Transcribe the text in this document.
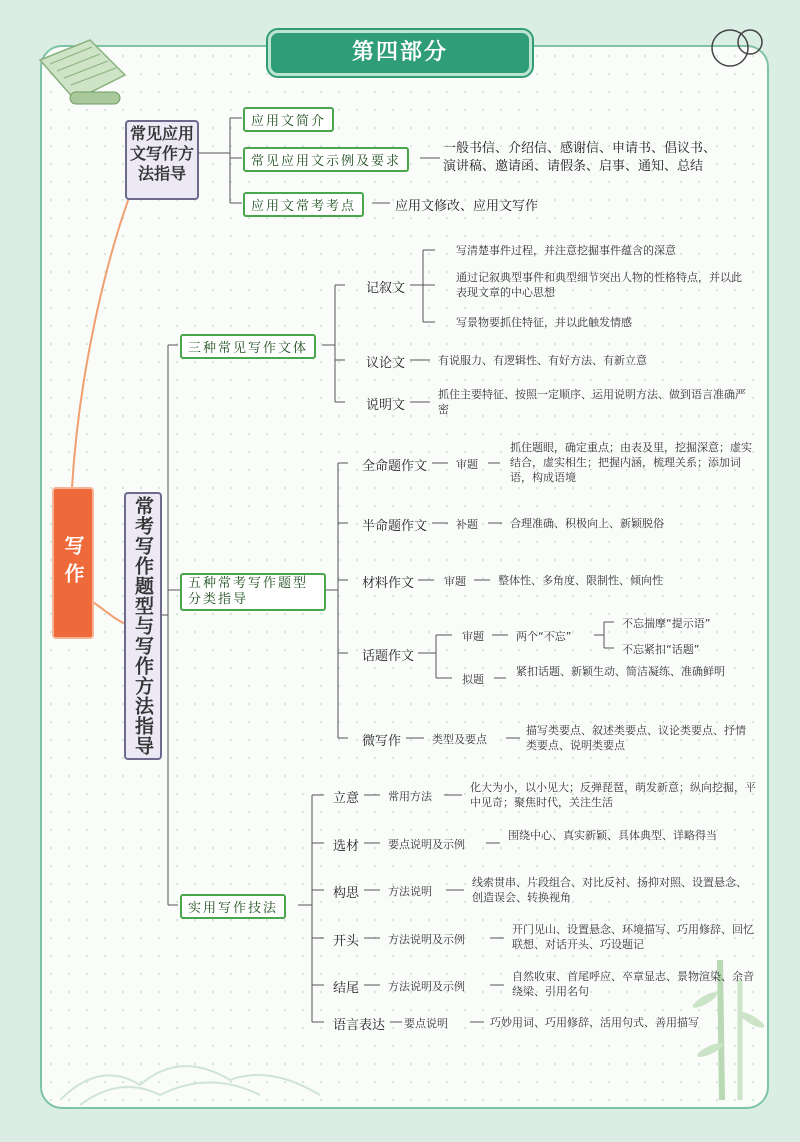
第四部分
写作
常见应用文写作方法指导
应用文简介
常见应用文示例及要求
一般书信、介绍信、感谢信、申请书、倡议书、演讲稿、邀请函、请假条、启事、通知、总结
应用文常考考点	应用文修改、应用文写作
常考写作题型与写作方法指导
三种常见写作文体
记叙文
写清楚事件过程，并注意挖掘事件蕴含的深意
通过记叙典型事件和典型细节突出人物的性格特点，并以此表现文章的中心思想
写景物要抓住特征，并以此触发情感
议论文	有说服力、有逻辑性、有好方法、有新立意
说明文
抓住主要特征、按照一定顺序、运用说明方法、做到语言准确严密
五种常考写作题型分类指导
全命题作文	审题
抓住题眼，确定重点；由表及里，挖掘深意；虚实结合，虚实相生；把握内涵，梳理关系；添加词语，构成语境
半命题作文	补题	合理准确、积极向上、新颖脱俗
材料作文	审题	整体性、多角度、限制性、倾向性
话题作文
审题	两个“不忘”
不忘揣摩“提示语”
不忘紧扣“话题”
拟题
紧扣话题、新颖生动、简洁凝练、准确鲜明
微写作	类型及要点
描写类要点、叙述类要点、议论类要点、抒情类要点、说明类要点
实用写作技法
立意	常用方法
化大为小，以小见大；反弹琵琶，萌发新意；纵向挖掘，平中见奇；聚焦时代，关注生活
选材	要点说明及示例
围绕中心、真实新颖、具体典型、详略得当
构思	方法说明
线索贯串、片段组合、对比反衬、扬抑对照、设置悬念、创造误会、转换视角
开头	方法说明及示例
开门见山、设置悬念、环境描写、巧用修辞、回忆联想、对话开头、巧设题记
结尾	方法说明及示例
自然收束、首尾呼应、卒章显志、景物渲染、余音绕梁、引用名句
语言表达 要点说明	巧妙用词、巧用修辞、活用句式、善用描写
